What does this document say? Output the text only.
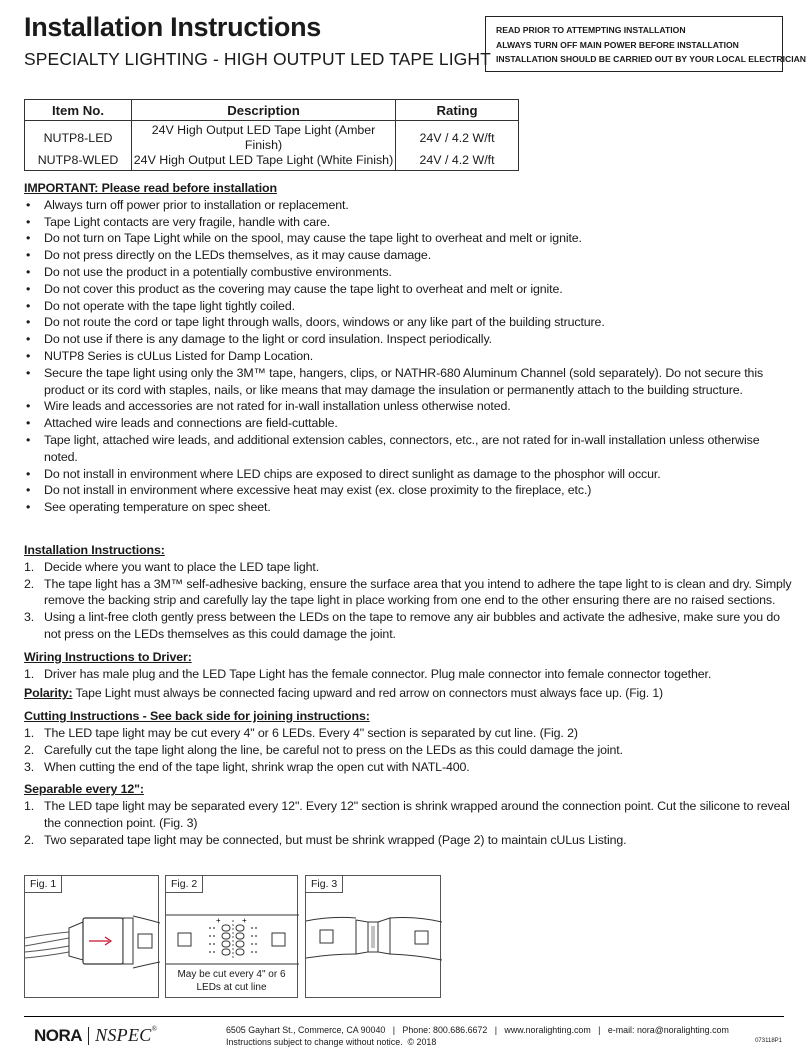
Installation Instructions
SPECIALTY LIGHTING - HIGH OUTPUT LED TAPE LIGHT
READ PRIOR TO ATTEMPTING INSTALLATION
ALWAYS TURN OFF MAIN POWER BEFORE INSTALLATION
INSTALLATION SHOULD BE CARRIED OUT BY YOUR LOCAL ELECTRICIAN
Item No.	Description	Rating
NUTP8-LED	24V High Output LED Tape Light (Amber Finish)	24V / 4.2 W/ft
NUTP8-WLED	24V High Output LED Tape Light (White Finish)	24V / 4.2 W/ft
IMPORTANT: Please read before installation
• Always turn off power prior to installation or replacement.
• Tape Light contacts are very fragile, handle with care.
• Do not turn on Tape Light while on the spool, may cause the tape light to overheat and melt or ignite.
• Do not press directly on the LEDs themselves, as it may cause damage.
• Do not use the product in a potentially combustive environments.
• Do not cover this product as the covering may cause the tape light to overheat and melt or ignite.
• Do not operate with the tape light tightly coiled.
• Do not route the cord or tape light through walls, doors, windows or any like part of the building structure.
• Do not use if there is any damage to the light or cord insulation. Inspect periodically.
• NUTP8 Series is cULus Listed for Damp Location.
• Secure the tape light using only the 3M™ tape, hangers, clips, or NATHR-680 Aluminum Channel (sold separately). Do not secure this product or its cord with staples, nails, or like means that may damage the insulation or permanently attach to the building structure.
• Wire leads and accessories are not rated for in-wall installation unless otherwise noted.
• Attached wire leads and connections are field-cuttable.
• Tape light, attached wire leads, and additional extension cables, connectors, etc., are not rated for in-wall installation unless otherwise noted.
• Do not install in environment where LED chips are exposed to direct sunlight as damage to the phosphor will occur.
• Do not install in environment where excessive heat may exist (ex. close proximity to the fireplace, etc.)
• See operating temperature on spec sheet.
Installation Instructions:
1. Decide where you want to place the LED tape light.
2. The tape light has a 3M™ self-adhesive backing, ensure the surface area that you intend to adhere the tape light to is clean and dry. Simply remove the backing strip and carefully lay the tape light in place working from one end to the other ensuring there are no raised sections.
3. Using a lint-free cloth gently press between the LEDs on the tape to remove any air bubbles and activate the adhesive, make sure you do not press on the LEDs themselves as this could damage the joint.
Wiring Instructions to Driver:
1. Driver has male plug and the LED Tape Light has the female connector. Plug male connector into female connector together.
Polarity: Tape Light must always be connected facing upward and red arrow on connectors must always face up. (Fig. 1)
Cutting Instructions - See back side for joining instructions:
1. The LED tape light may be cut every 4" or 6 LEDs. Every 4" section is separated by cut line. (Fig. 2)
2. Carefully cut the tape light along the line, be careful not to press on the LEDs as this could damage the joint.
3. When cutting the end of the tape light, shrink wrap the open cut with NATL-400.
Separable every 12":
1. The LED tape light may be separated every 12". Every 12" section is shrink wrapped around the connection point. Cut the silicone to reveal the connection point. (Fig. 3)
2. Two separated tape light may be connected, but must be shrink wrapped (Page 2) to maintain cULus Listing.
Fig. 1
+	+
Fig. 2
May be cut every 4" or 6
LEDs at cut line
Fig. 3
NORA NSPEC®	6505 Gayhart St., Commerce, CA 90040   |   Phone: 800.686.6672   |   www.noralighting.com   |   e-mail: nora@noralighting.com
Instructions subject to change without notice.  © 2018	073118P1
